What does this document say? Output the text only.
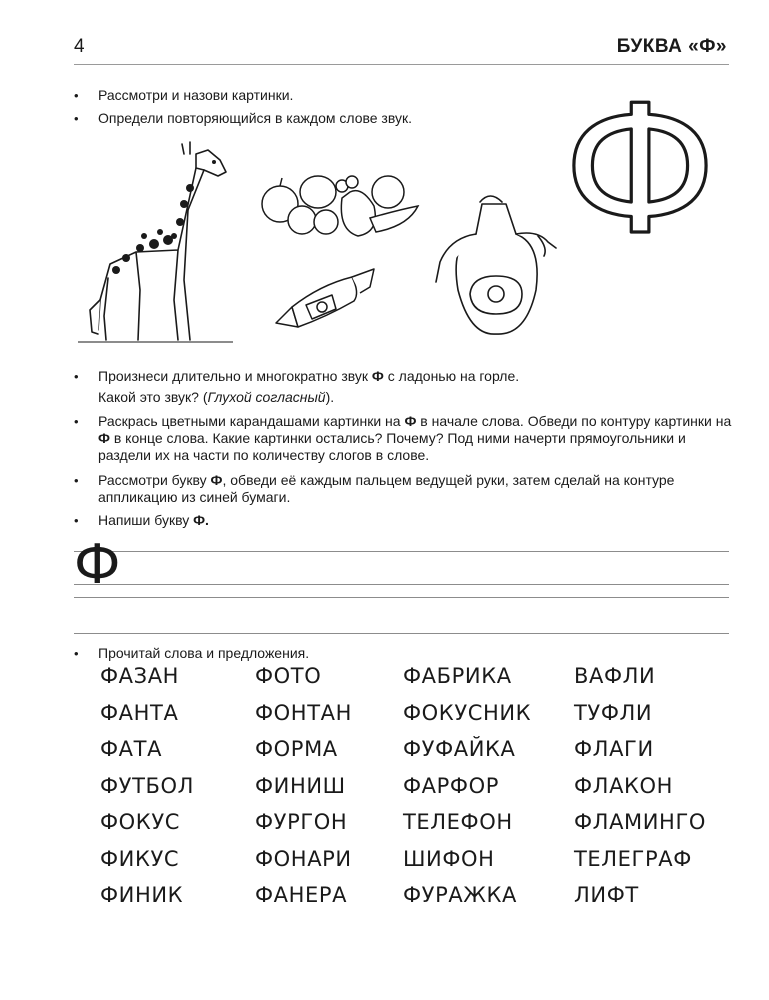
4	БУКВА «Ф»
• Рассмотри и назови картинки.
• Определи повторяющийся в каждом слове звук. Ф
• Произнеси длительно и многократно звук Ф с ладонью на горле.
Какой это звук? (Глухой согласный).
• Раскрась цветными карандашами картинки на Ф в начале слова. Обведи по контуру картинки на Ф в конце слова. Какие картинки остались? Почему? Под ними начерти прямоугольники и раздели их на части по количеству слогов в слове.
• Рассмотри букву Ф, обведи её каждым пальцем ведущей руки, затем сделай на контуре аппликацию из синей бумаги.
• Напиши букву Ф.
Ф
• Прочитай слова и предложения.
ФАЗАН
ФАНТА
ФАТА
ФУТБОЛ
ФОКУС
ФИКУС
ФИНИК
ФОТО
ФОНТАН
ФОРМА
ФИНИШ
ФУРГОН
ФОНАРИ
ФАНЕРА
ФАБРИКА
ФОКУСНИК
ФУФАЙКА
ФАРФОР
ТЕЛЕФОН
ШИФОН
ФУРАЖКА
ВАФЛИ
ТУФЛИ
ФЛАГИ
ФЛАКОН
ФЛАМИНГО
ТЕЛЕГРАФ
ЛИФТ
